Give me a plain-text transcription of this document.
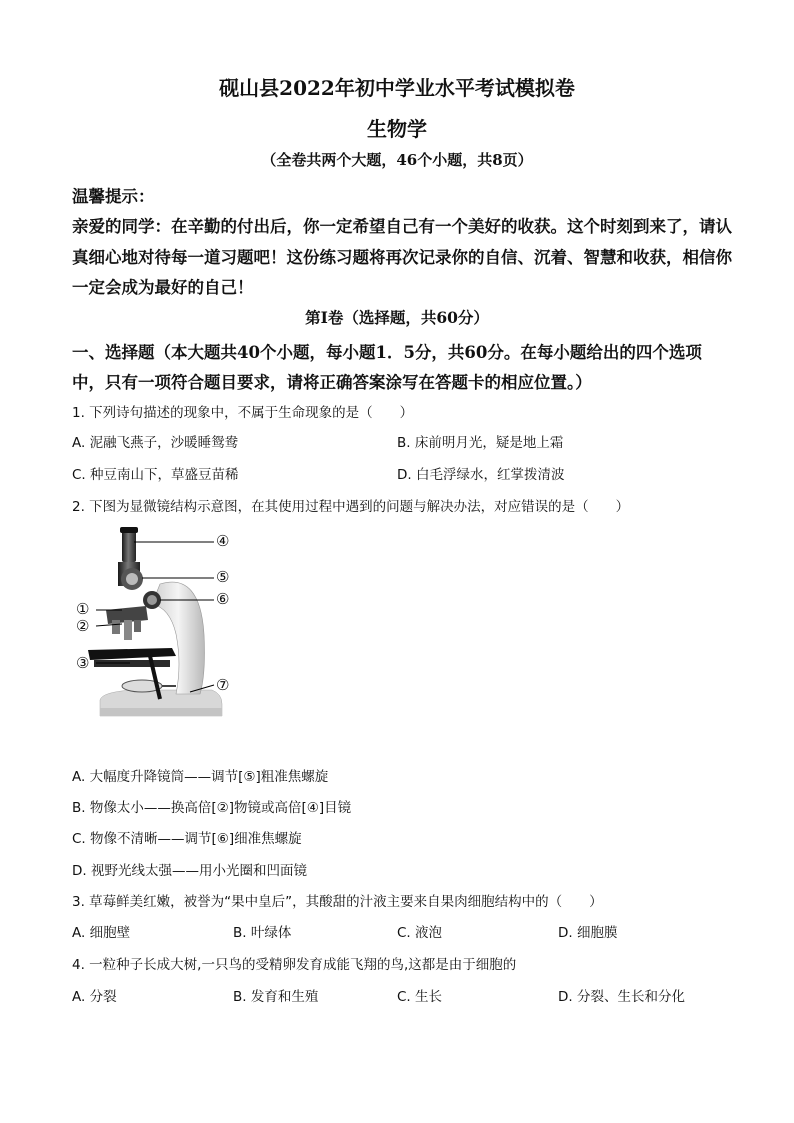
砚山县2022年初中学业水平考试模拟卷
生物学
（全卷共两个大题，46个小题，共8页）
温馨提示：
亲爱的同学：在辛勤的付出后，你一定希望自己有一个美好的收获。这个时刻到来了，请认
真细心地对待每一道习题吧！这份练习题将再次记录你的自信、沉着、智慧和收获，相信你
一定会成为最好的自己！
第Ⅰ卷（选择题，共60分）
一、选择题（本大题共40个小题，每小题1．5分，共60分。在每小题给出的四个选项
中，只有一项符合题目要求，请将正确答案涂写在答题卡的相应位置。）
1. 下列诗句描述的现象中，不属于生命现象的是（　　）
A. 泥融飞燕子，沙暖睡鸳鸯	B. 床前明月光，疑是地上霜
C. 种豆南山下，草盛豆苗稀	D. 白毛浮绿水，红掌拨清波
2. 下图为显微镜结构示意图，在其使用过程中遇到的问题与解决办法，对应错误的是（　　）
④
⑤
⑥
①
②
③
⑦
A. 大幅度升降镜筒——调节[⑤]粗准焦螺旋
B. 物像太小——换高倍[②]物镜或高倍[④]目镜
C. 物像不清晰——调节[⑥]细准焦螺旋
D. 视野光线太强——用小光圈和凹面镜
3. 草莓鲜美红嫩，被誉为“果中皇后”，其酸甜的汁液主要来自果肉细胞结构中的（　　）
A. 细胞壁	B. 叶绿体	C. 液泡	D. 细胞膜
4. 一粒种子长成大树,一只鸟的受精卵发育成能飞翔的鸟,这都是由于细胞的
A. 分裂	B. 发育和生殖	C. 生长	D. 分裂、生长和分化
